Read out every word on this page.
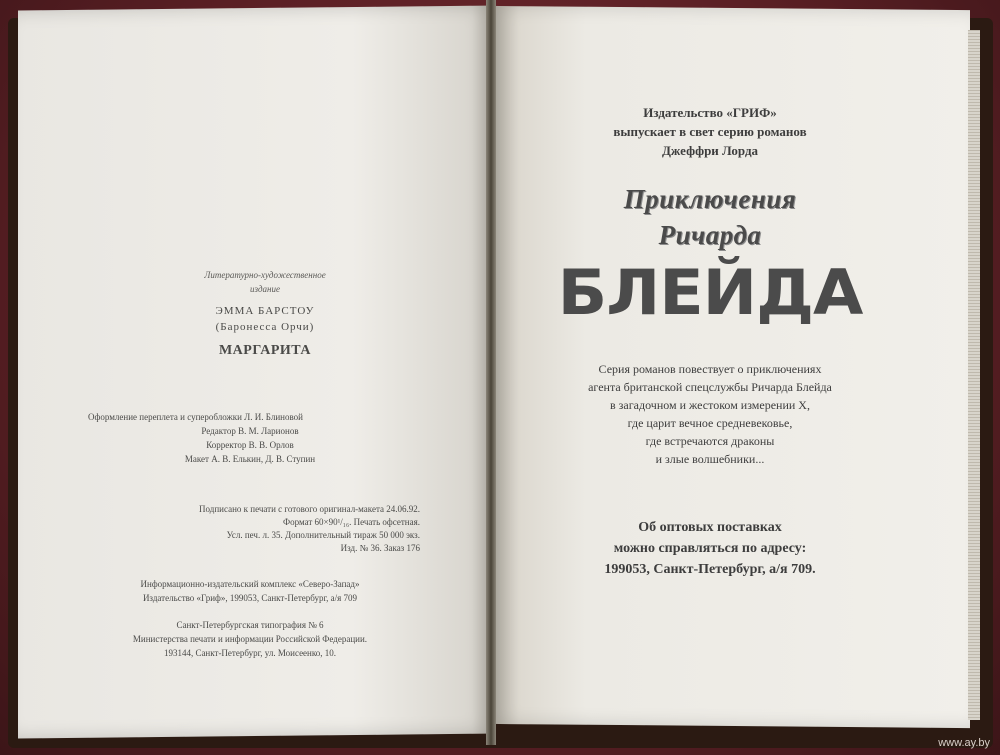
Литературно-художественное
издание
ЭММА БАРСТОУ
(Баронесса Орчи)
МАРГАРИТА
Оформление переплета и суперобложки Л. И. Блиновой
Редактор В. М. Ларионов
Корректор В. В. Орлов
Макет А. В. Елькин, Д. В. Ступин
Подписано к печати с готового оригинал-макета 24.06.92.
Формат 60×90¹/₁₆. Печать офсетная.
Усл. печ. л. 35. Дополнительный тираж 50 000 экз.
Изд. № 36. Заказ 176
Информационно-издательский комплекс «Северо-Запад»
Издательство «Гриф», 199053, Санкт-Петербург, а/я 709
Санкт-Петербургская типография № 6
Министерства печати и информации Российской Федерации.
193144, Санкт-Петербург, ул. Моисеенко, 10.
Издательство «ГРИФ»
выпускает в свет серию романов
Джеффри Лорда
Приключения
Ричарда
БЛЕЙДА
Серия романов повествует о приключениях
агента британской спецслужбы Ричарда Блейда
в загадочном и жестоком измерении X,
где царит вечное средневековье,
где встречаются драконы
и злые волшебники...
Об оптовых поставках
можно справляться по адресу:
199053, Санкт-Петербург, а/я 709.
www.ay.by
